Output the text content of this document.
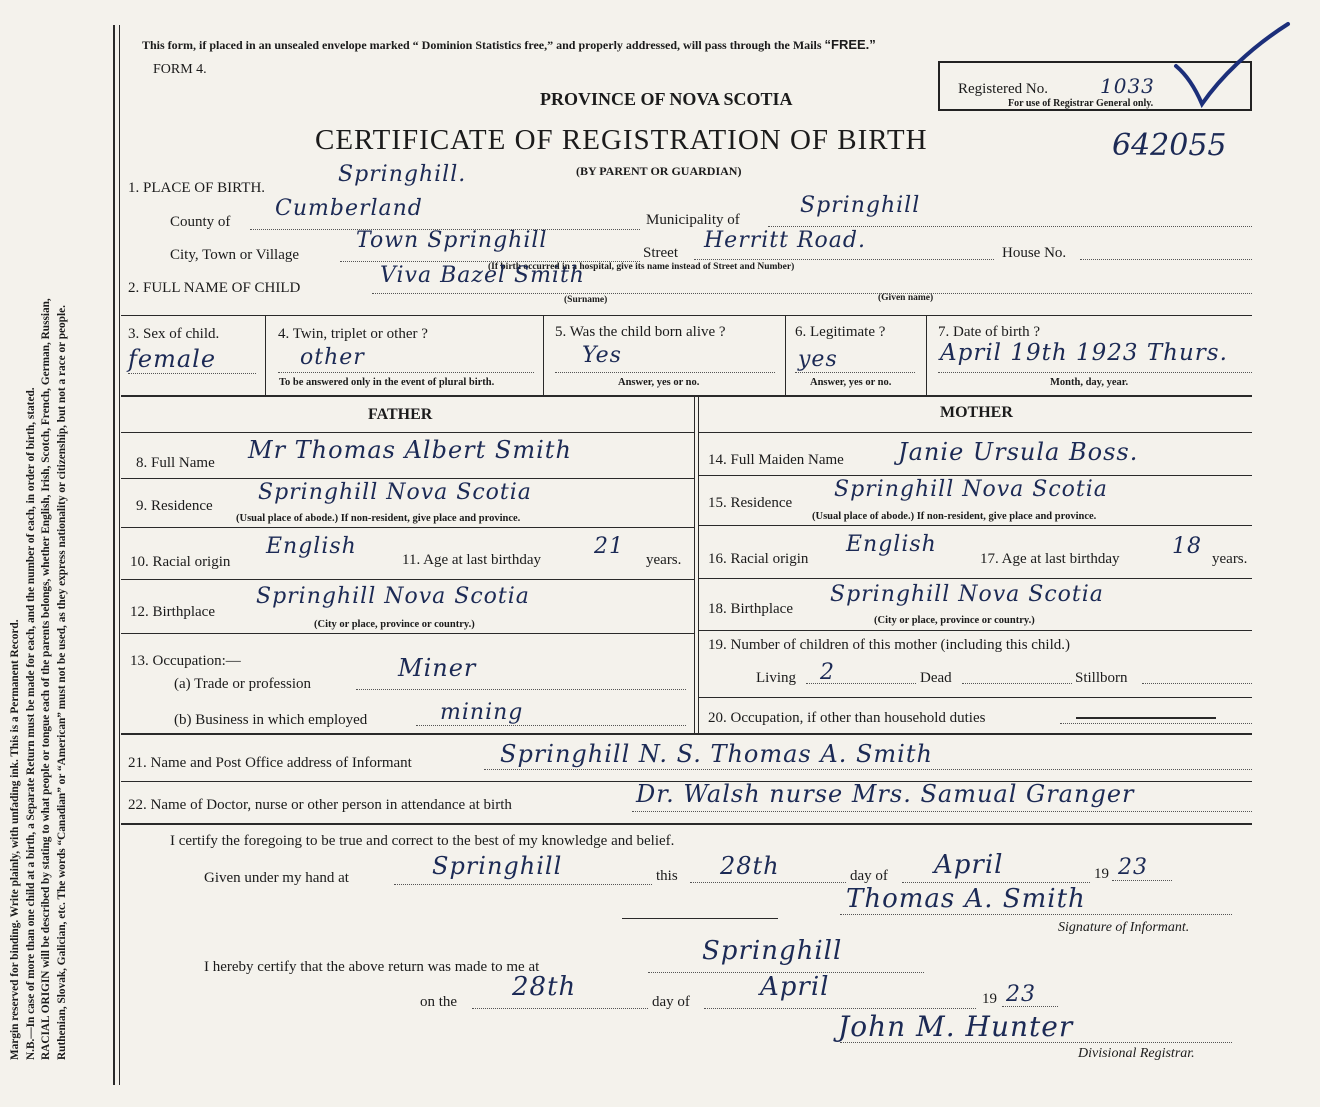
Margin reserved for binding. Write plainly, with unfading ink. This is a Permanent Record. N.B.—In case of more than one child at a birth, a Separate Return must be made for each, and the number of each, in order of birth, stated. RACIAL ORIGIN will be described by stating to what people or tongue each of the parents belongs, whether English, Irish, Scotch, French, German, Russian, Ruthenian, Slovak, Galician, etc. The words “Canadian” or “American” must not be used, as they express nationality or citizenship, but not a race or people.
This form, if placed in an unsealed envelope marked “ Dominion Statistics free,” and properly addressed, will pass through the Mails “FREE.”
FORM 4.
PROVINCE OF NOVA SCOTIA	Registered No.	1033
For use of Registrar General only.
CERTIFICATE OF REGISTRATION OF BIRTH	642055
(BY PARENT OR GUARDIAN)
1. PLACE OF BIRTH.
Springhill.
County of
Cumberland	Municipality of
Springhill
City, Town or Village
Town Springhill	Street Herritt Road.	House No.
(If birth occurred in a hospital, give its name instead of Street and Number)
2. FULL NAME OF CHILD	Viva Bazel Smith
(Surname)	(Given name)
3. Sex of child.
female
4. Twin, triplet or other ?
other
To be answered only in the event of plural birth.
5. Was the child born alive ?
Yes
Answer, yes or no.
6. Legitimate ?
yes
Answer, yes or no.
7. Date of birth ?
April 19th 1923 Thurs.
Month, day, year.
FATHER	MOTHER
8. Full Name Mr Thomas Albert Smith
9. Residence
Springhill Nova Scotia
(Usual place of abode.) If non-resident, give place and province.
10. Racial origin
English
11. Age at last birthday
21
years.
12. Birthplace
Springhill Nova Scotia
(City or place, province or country.)
13. Occupation:—
(a) Trade or profession
Miner
(b) Business in which employed	mining
14. Full Maiden Name Janie Ursula Boss.
15. Residence
Springhill Nova Scotia
(Usual place of abode.) If non-resident, give place and province.
16. Racial origin
English
17. Age at last birthday 18 years.
18. Birthplace
Springhill Nova Scotia
(City or place, province or country.)
19. Number of children of this mother (including this child.)
Living 2	Dead	Stillborn
20. Occupation, if other than household duties
21. Name and Post Office address of Informant	Springhill N. S. Thomas A. Smith
22. Name of Doctor, nurse or other person in attendance at birth	Dr. Walsh nurse Mrs. Samual Granger
I certify the foregoing to be true and correct to the best of my knowledge and belief.
Given under my hand at	Springhill	this 28th	day of April	19 23
Thomas A. Smith
Signature of Informant.
I hereby certify that the above return was made to me at
Springhill
on the 28th	day of	April	19 23
John M. Hunter
Divisional Registrar.
